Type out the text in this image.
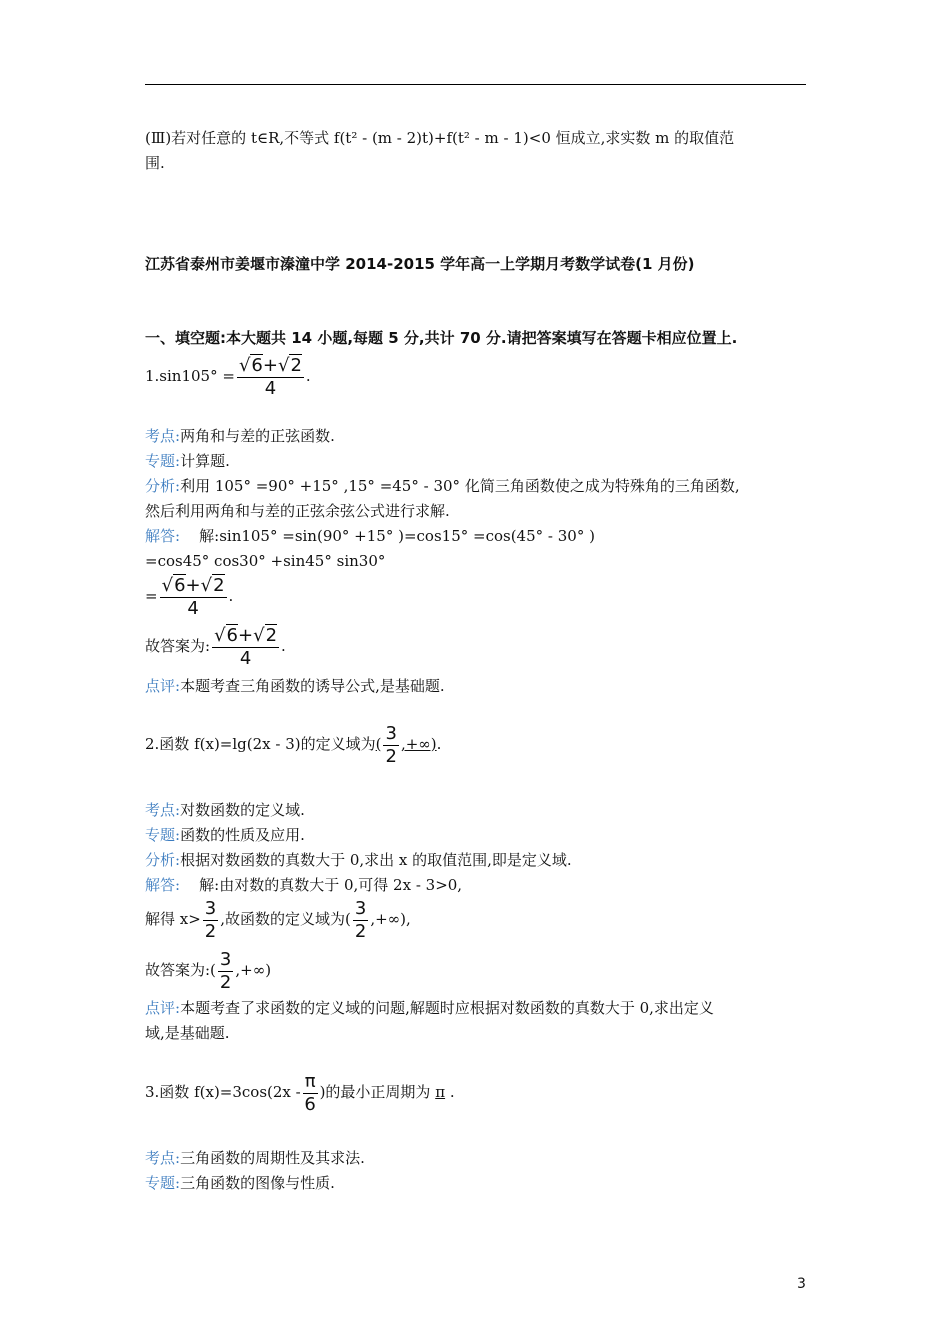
(Ⅲ)若对任意的 t∈R,不等式 f(t² - (m - 2)t)+f(t² - m - 1)<0 恒成立,求实数 m 的取值范
围.
江苏省泰州市姜堰市溱潼中学 2014-2015 学年高一上学期月考数学试卷(1 月份)
一、填空题:本大题共 14 小题,每题 5 分,共计 70 分.请把答案填写在答题卡相应位置上.
$1.\sin 105^\circ = \frac{√6+√2}{4}$ .
考点:两角和与差的正弦函数.
专题:计算题.
分析:利用 105° =90° +15° ,15° =45° - 30° 化简三角函数使之成为特殊角的三角函数,
然后利用两角和与差的正弦余弦公式进行求解.
解答: 解:sin105° =sin(90° +15° )=cos15° =cos(45° - 30° )
=cos45° cos30° +sin45° sin30°
= $\frac{√6+√2}{4}$ .
故答案为: $\frac{√6+√2}{4}$ .
点评:本题考查三角函数的诱导公式,是基础题.
2.函数 f(x)=lg(2x - 3)的定义域为( $\frac{3}{2}$ ,+∞).
考点:对数函数的定义域.
专题:函数的性质及应用.
分析:根据对数函数的真数大于 0,求出 x 的取值范围,即是定义域.
解答: 解:由对数的真数大于 0,可得 2x - 3>0,
解得 $x> \frac{3}{2}$ ,故函数的定义域为( $\frac{3}{2}$ ,+∞),
故答案为:( $\frac{3}{2}$ ,+∞)
点评:本题考查了求函数的定义域的问题,解题时应根据对数函数的真数大于 0,求出定义
域,是基础题.
3.函数 $f(x)=3\cos(2x - \frac{\pi}{6}$ )的最小正周期为 π .
考点:三角函数的周期性及其求法.
专题:三角函数的图像与性质.
3
